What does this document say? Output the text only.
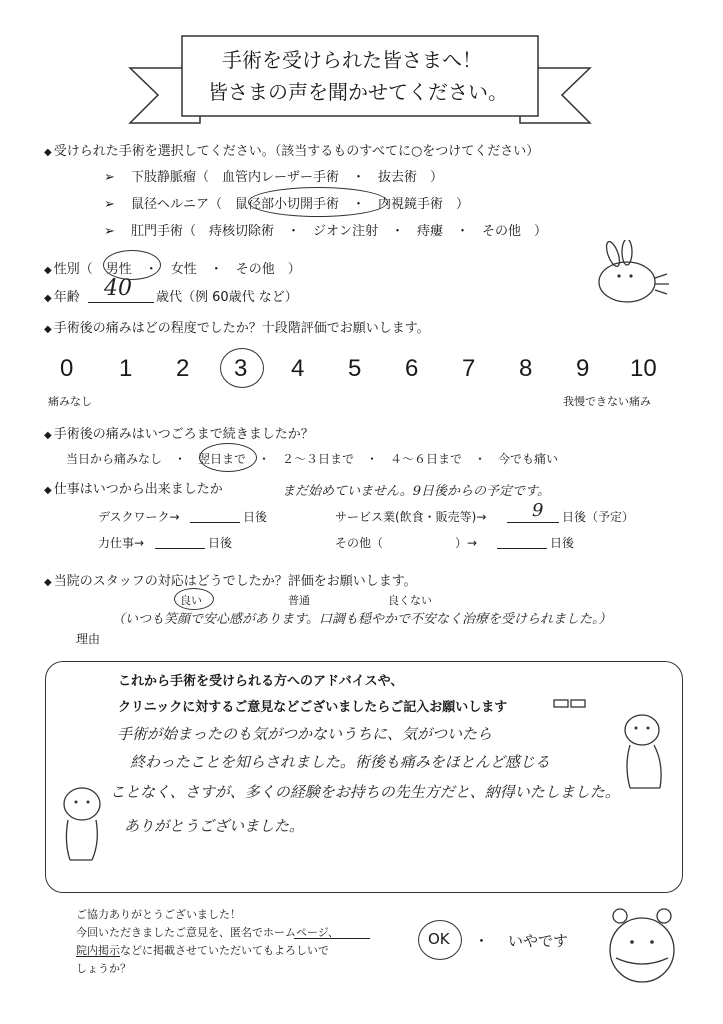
手術を受けられた皆さまへ！
皆さまの声を聞かせてください。
◆ 受けられた手術を選択してください。（該当するものすべてに○をつけてください）
➢ 下肢静脈瘤（　血管内レーザー手術　・　抜去術　）
➢ 鼠径ヘルニア（　鼠径部小切開手術　・　内視鏡手術　）
➢ 肛門手術（　痔核切除術　・　ジオン注射　・　痔瘻　・　その他　）
◆ 性別（　男性　・　女性　・　その他　）
◆ 年齢 40 歳代（例 60歳代 など）
◆ 手術後の痛みはどの程度でしたか？十段階評価でお願いします。
0 1 2 3 4 5 6 7 8 9 10
痛みなし	我慢できない痛み
◆ 手術後の痛みはいつごろまで続きましたか？
当日から痛みなし　・　翌日まで　・　２～３日まで　・　４～６日まで　・　今でも痛い
◆ 仕事はいつから出来ましたか	まだ始めていません。9日後からの予定です。
デスクワーク→	日後	サービス業(飲食・販売等)→	9 日後（予定）
力仕事→	日後	その他（　　　　　　）→	日後
◆ 当院のスタッフの対応はどうでしたか？評価をお願いします。
良い	普通	良くない
理由
（いつも笑顔で安心感があります。口調も穏やかで不安なく治療を受けられました。）
これから手術を受けられる方へのアドバイスや、
クリニックに対するご意見などございましたらご記入お願いします
手術が始まったのも気がつかないうちに、気がついたら
終わったことを知らされました。術後も痛みをほとんど感じる
ことなく、さすが、多くの経験をお持ちの先生方だと、納得いたしました。
ありがとうございました。
ご協力ありがとうございました！
今回いただきましたご意見を、匿名でホームページ、
院内掲示などに掲載させていただいてもよろしいで
しょうか？
OK ・ いやです
